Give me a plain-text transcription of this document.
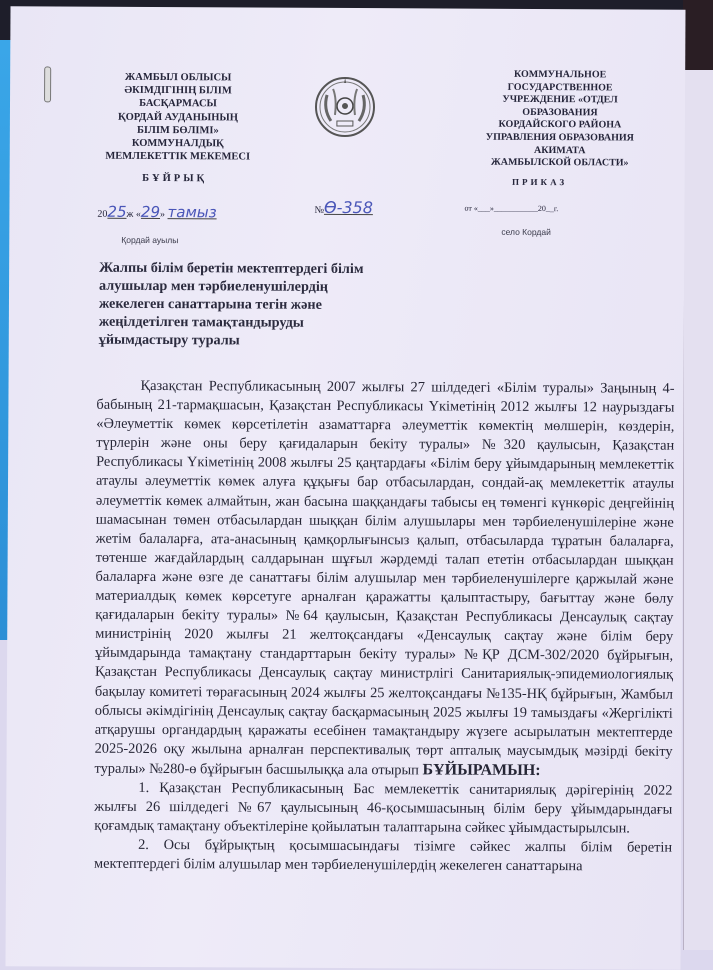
ЖАМБЫЛ ОБЛЫСЫ
ӘКІМДІГІНІҢ БІЛІМ
БАСҚАРМАСЫ
ҚОРДАЙ АУДАНЫНЫҢ
БІЛІМ БӨЛІМІ»
КОММУНАЛДЫҚ
МЕМЛЕКЕТТІК МЕКЕМЕСІ
КОММУНАЛЬНОЕ
ГОСУДАРСТВЕННОЕ
УЧРЕЖДЕНИЕ «ОТДЕЛ
ОБРАЗОВАНИЯ
КОРДАЙСКОГО РАЙОНА
УПРАВЛЕНИЯ ОБРАЗОВАНИЯ
АКИМАТА
ЖАМБЫЛСКОЙ ОБЛАСТИ»
БҰЙРЫҚ	ПРИКАЗ
2025ж «29» тамыз	№Ө-358	от «___»___________20__г.
Қордай ауылы
село Кордай
Жалпы білім беретін мектептердегі білім
алушылар мен тәрбиеленушілердің
жекелеген санаттарына тегін және
жеңілдетілген тамақтандыруды
ұйымдастыру туралы

Қазақстан Республикасының 2007 жылғы 27 шілдедегі «Білім туралы» Заңының 4-бабының 21-тармақшасын, Қазақстан Республикасы Үкіметінің 2012 жылғы 12 наурыздағы «Әлеуметтік көмек көрсетілетін азаматтарға әлеуметтік көмектің мөлшерін, көздерін, түрлерін және оны беру қағидаларын бекіту туралы» №320 қаулысын, Қазақстан Республикасы Үкіметінің 2008 жылғы 25 қаңтардағы «Білім беру ұйымдарының мемлекеттік атаулы әлеуметтік көмек алуға құқығы бар отбасылардан, сондай-ақ мемлекеттік атаулы әлеуметтік көмек алмайтын, жан басына шаққандағы табысы ең төменгі күнкөріс деңгейінің шамасынан төмен отбасылардан шыққан білім алушылары мен тәрбиеленушілеріне және жетім балаларға, ата-анасының қамқорлығынсыз қалып, отбасыларда тұратын балаларға, төтенше жағдайлардың салдарынан шұғыл жәрдемді талап ететін отбасылардан шыққан балаларға және өзге де санаттағы білім алушылар мен тәрбиеленушілерге қаржылай және материалдық көмек көрсетуге арналған қаражатты қалыптастыру, бағыттау және бөлу қағидаларын бекіту туралы» №64 қаулысын, Қазақстан Республикасы Денсаулық сақтау министрінің 2020 жылғы 21 желтоқсандағы «Денсаулық сақтау және білім беру ұйымдарында тамақтану стандарттарын бекіту туралы» №ҚР ДСМ-302/2020 бұйрығын, Қазақстан Республикасы Денсаулық сақтау министрлігі Санитариялық-эпидемиологиялық бақылау комитеті төрағасының 2024 жылғы 25 желтоқсандағы №135-НҚ бұйрығын, Жамбыл облысы әкімдігінің Денсаулық сақтау басқармасының 2025 жылғы 19 тамыздағы «Жергілікті атқарушы органдардың қаражаты есебінен тамақтандыру жүзеге асырылатын мектептерде 2025-2026 оқу жылына арналған перспективалық төрт апталық маусымдық мәзірді бекіту туралы» №280-ө бұйрығын басшылыққа ала отырып БҰЙЫРАМЫН:

1. Қазақстан Республикасының Бас мемлекеттік санитариялық дәрігерінің 2022 жылғы 26 шілдедегі №67 қаулысының 46-қосымшасының білім беру ұйымдарындағы қоғамдық тамақтану объектілеріне қойылатын талаптарына сәйкес ұйымдастырылсын.

2. Осы бұйрықтың қосымшасындағы тізімге сәйкес жалпы білім беретін мектептердегі білім алушылар мен тәрбиеленушілердің жекелеген санаттарына
